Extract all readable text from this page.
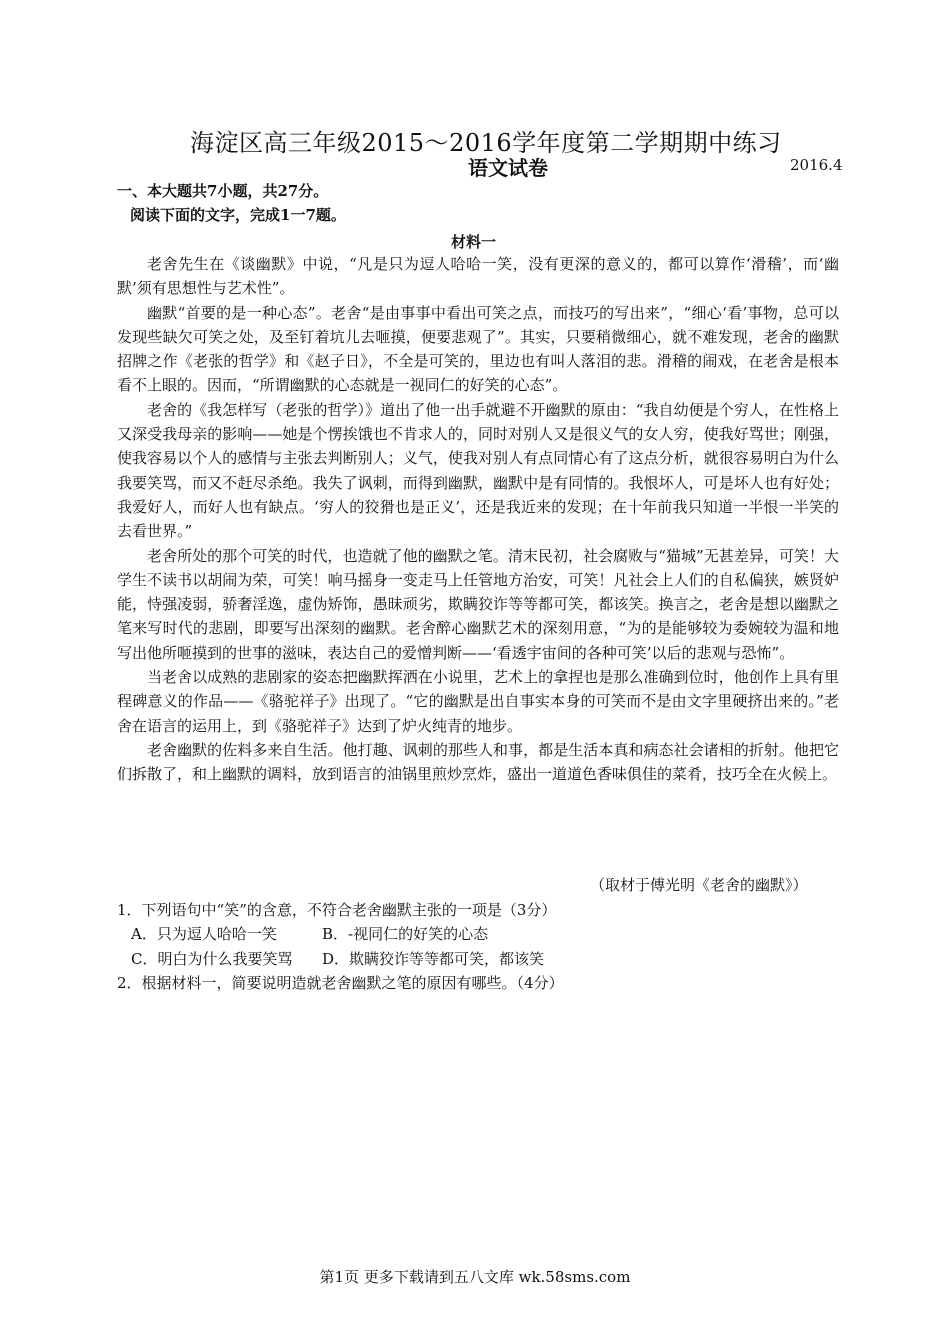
海淀区高三年级2015～2016学年度第二学期期中练习
语文试卷	2016.4
一、本大题共7小题，共27分。
阅读下面的文字，完成1一7题。
材料一

老舍先生在《谈幽默》中说，“凡是只为逗人哈哈一笑，没有更深的意义的，都可以算作‘滑稽’，而‘幽默’须有思想性与艺术性”。

幽默“首要的是一种心态”。老舍“是由事事中看出可笑之点，而技巧的写出来”，“细心‘看’事物，总可以发现些缺欠可笑之处，及至钉着坑儿去咂摸，便要悲观了”。其实，只要稍微细心，就不难发现，老舍的幽默招牌之作《老张的哲学》和《赵子日》，不全是可笑的，里边也有叫人落泪的悲。滑稽的闹戏，在老舍是根本看不上眼的。因而，“所谓幽默的心态就是一视同仁的好笑的心态”。

老舍的《我怎样写（老张的哲学）》道出了他一出手就避不开幽默的原由：“我自幼便是个穷人，在性格上又深受我母亲的影响——她是个愣挨饿也不肯求人的，同时对别人又是很义气的女人穷，使我好骂世；刚强，使我容易以个人的感情与主张去判断别人；义气，使我对别人有点同情心有了这点分析，就很容易明白为什么我要笑骂，而又不赶尽杀绝。我失了讽刺，而得到幽默，幽默中是有同情的。我恨坏人，可是坏人也有好处；我爱好人，而好人也有缺点。‘穷人的狡猾也是正义’，还是我近来的发现；在十年前我只知道一半恨一半笑的去看世界。”

老舍所处的那个可笑的时代，也造就了他的幽默之笔。清末民初，社会腐败与“猫城”无甚差异，可笑！大学生不读书以胡闹为荣，可笑！响马摇身一变走马上任管地方治安，可笑！凡社会上人们的自私偏狭，嫉贤妒能，恃强凌弱，骄奢淫逸，虚伪矫饰，愚昧顽劣，欺瞒狡诈等等都可笑，都该笑。换言之，老舍是想以幽默之笔来写时代的悲剧，即要写出深刻的幽默。老舍醉心幽默艺术的深刻用意，“为的是能够较为委婉较为温和地写出他所咂摸到的世事的滋味，表达自己的爱憎判断——‘看透宇宙间的各种可笑’以后的悲观与恐怖”。

当老舍以成熟的悲剧家的姿态把幽默挥洒在小说里，艺术上的拿捏也是那么准确到位时，他创作上具有里程碑意义的作品——《骆驼祥子》出现了。“它的幽默是出自事实本身的可笑而不是由文字里硬挤出来的。”老舍在语言的运用上，到《骆驼祥子》达到了炉火纯青的地步。

老舍幽默的佐料多来自生活。他打趣、讽刺的那些人和事，都是生活本真和病态社会诸相的折射。他把它们拆散了，和上幽默的调料，放到语言的油锅里煎炒烹炸，盛出一道道色香味俱佳的菜肴，技巧全在火候上。

（取材于傅光明《老舍的幽默》）
1．下列语句中“笑”的含意，不符合老舍幽默主张的一项是（3分）
A．只为逗人哈哈一笑	B．-视同仁的好笑的心态
C．明白为什么我要笑骂 D．欺瞒狡诈等等都可笑，都该笑
2．根据材料一，简要说明造就老舍幽默之笔的原因有哪些。（4分）
第1页 更多下载请到五八文库 wk.58sms.com
